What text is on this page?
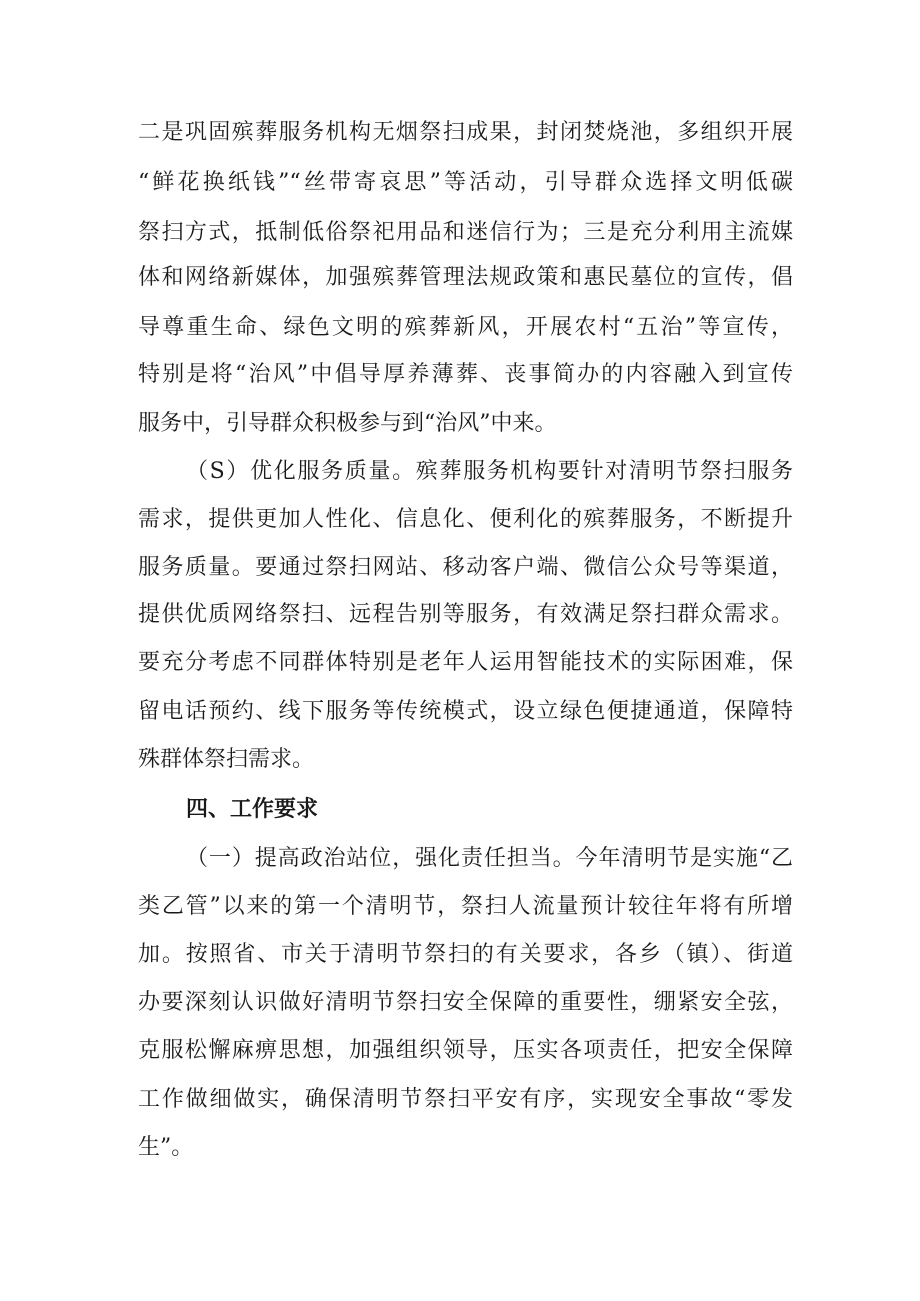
二是巩固殡葬服务机构无烟祭扫成果，封闭焚烧池，多组织开展
“鲜花换纸钱”“丝带寄哀思”等活动，引导群众选择文明低碳
祭扫方式，抵制低俗祭祀用品和迷信行为；三是充分利用主流媒
体和网络新媒体，加强殡葬管理法规政策和惠民墓位的宣传，倡
导尊重生命、绿色文明的殡葬新风，开展农村“五治”等宣传，
特别是将“治风”中倡导厚养薄葬、丧事简办的内容融入到宣传
服务中，引导群众积极参与到“治风”中来。
（S）优化服务质量。殡葬服务机构要针对清明节祭扫服务
需求，提供更加人性化、信息化、便利化的殡葬服务，不断提升
服务质量。要通过祭扫网站、移动客户端、微信公众号等渠道，
提供优质网络祭扫、远程告别等服务，有效满足祭扫群众需求。
要充分考虑不同群体特别是老年人运用智能技术的实际困难，保
留电话预约、线下服务等传统模式，设立绿色便捷通道，保障特
殊群体祭扫需求。
四、工作要求
（一）提高政治站位，强化责任担当。今年清明节是实施“乙
类乙管”以来的第一个清明节，祭扫人流量预计较往年将有所增
加。按照省、市关于清明节祭扫的有关要求，各乡（镇）、街道
办要深刻认识做好清明节祭扫安全保障的重要性，绷紧安全弦，
克服松懈麻痹思想，加强组织领导，压实各项责任，把安全保障
工作做细做实，确保清明节祭扫平安有序，实现安全事故“零发
生”。
